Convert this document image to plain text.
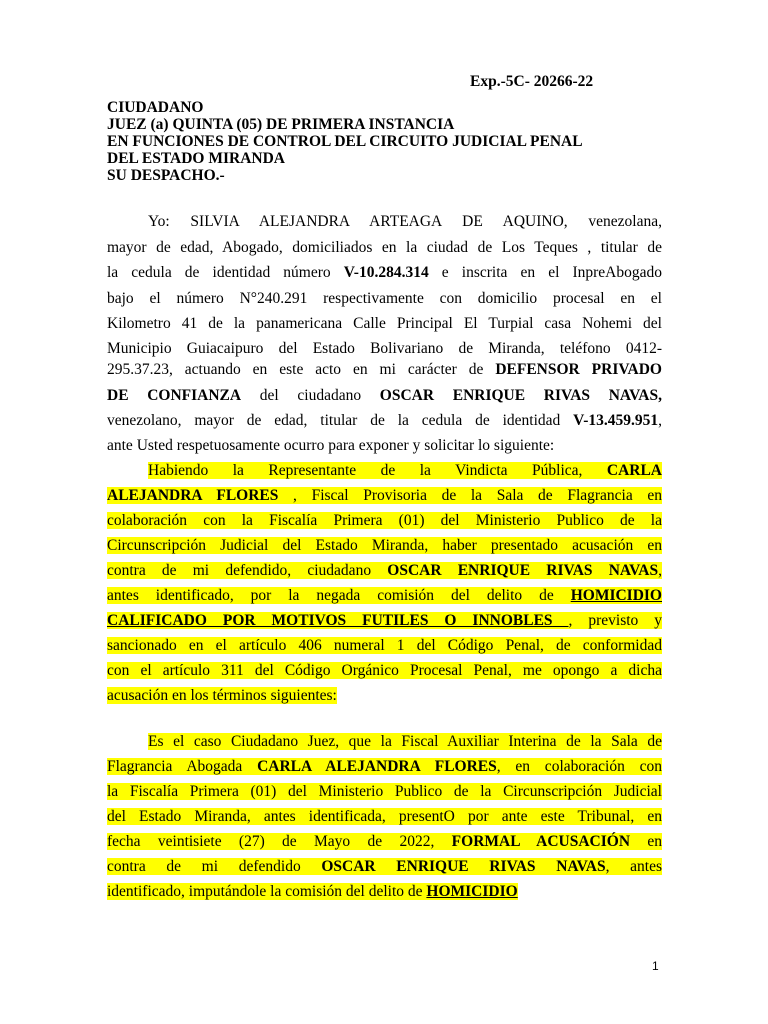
Exp.-5C- 20266-22
CIUDADANO
JUEZ (a) QUINTA (05) DE PRIMERA INSTANCIA
EN FUNCIONES DE CONTROL DEL CIRCUITO JUDICIAL PENAL
DEL ESTADO MIRANDA
SU DESPACHO.-
Yo: SILVIA ALEJANDRA ARTEAGA DE AQUINO, venezolana,
mayor de edad, Abogado, domiciliados en la ciudad de Los Teques , titular de
la cedula de identidad número V-10.284.314 e inscrita en el InpreAbogado
bajo el número N°240.291 respectivamente con domicilio procesal en el
Kilometro 41 de la panamericana Calle Principal El Turpial casa Nohemi del
Municipio Guiacaipuro del Estado Bolivariano de Miranda, teléfono 0412-
295.37.23, actuando en este acto en mi carácter de DEFENSOR PRIVADO
DE CONFIANZA del ciudadano OSCAR ENRIQUE RIVAS NAVAS,
venezolano, mayor de edad, titular de la cedula de identidad V-13.459.951,
ante Usted respetuosamente ocurro para exponer y solicitar lo siguiente:
Habiendo la Representante de la Vindicta Pública, CARLA
ALEJANDRA FLORES , Fiscal Provisoria de la Sala de Flagrancia en
colaboración con la Fiscalía Primera (01) del Ministerio Publico de la
Circunscripción Judicial del Estado Miranda, haber presentado acusación en
contra de mi defendido, ciudadano OSCAR ENRIQUE RIVAS NAVAS,
antes identificado, por la negada comisión del delito de HOMICIDIO
CALIFICADO POR MOTIVOS FUTILES O INNOBLES , previsto y
sancionado en el artículo 406 numeral 1 del Código Penal, de conformidad
con el artículo 311 del Código Orgánico Procesal Penal, me opongo a dicha
acusación en los términos siguientes:
Es el caso Ciudadano Juez, que la Fiscal Auxiliar Interina de la Sala de
Flagrancia Abogada CARLA ALEJANDRA FLORES, en colaboración con
la Fiscalía Primera (01) del Ministerio Publico de la Circunscripción Judicial
del Estado Miranda, antes identificada, presentO por ante este Tribunal, en
fecha veintisiete (27) de Mayo de 2022, FORMAL ACUSACIÓN en
contra de mi defendido OSCAR ENRIQUE RIVAS NAVAS, antes
identificado, imputándole la comisión del delito de HOMICIDIO
1
